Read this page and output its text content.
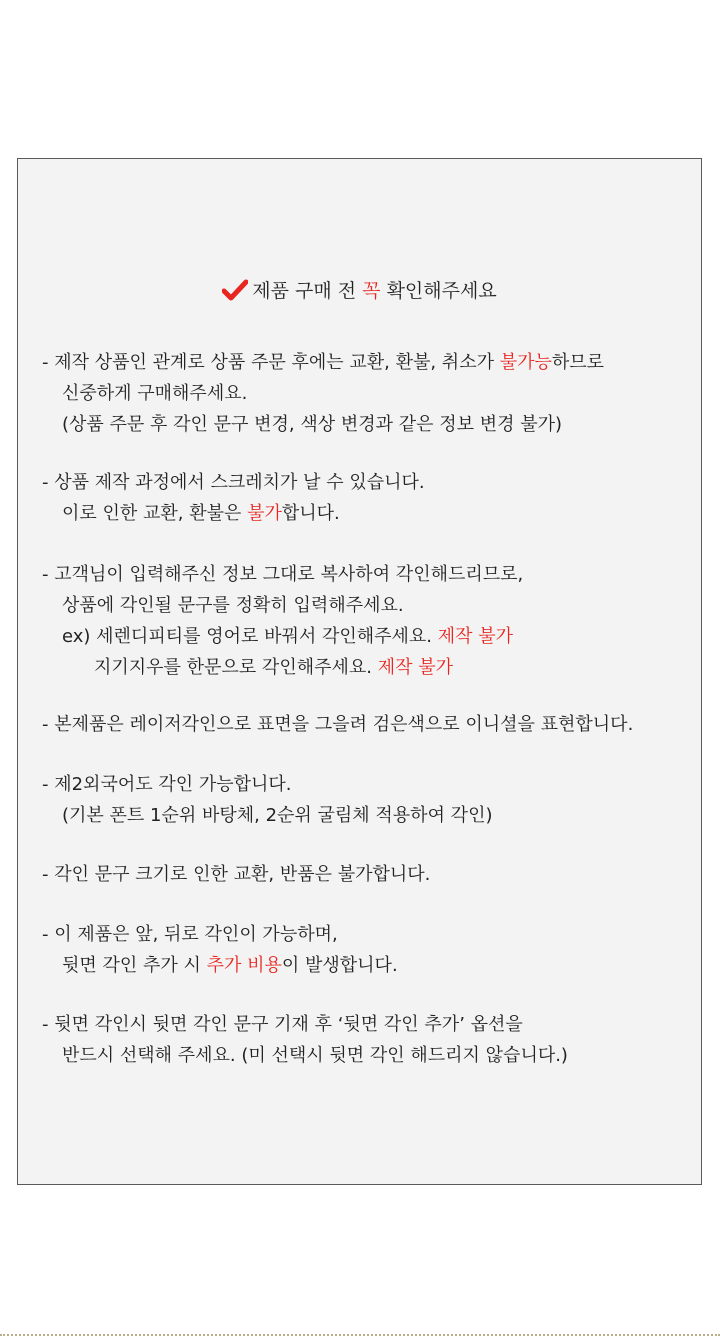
제품 구매 전 꼭 확인해주세요
- 제작 상품인 관계로 상품 주문 후에는 교환, 환불, 취소가 불가능하므로
신중하게 구매해주세요.
(상품 주문 후 각인 문구 변경, 색상 변경과 같은 정보 변경 불가)
- 상품 제작 과정에서 스크레치가 날 수 있습니다.
이로 인한 교환, 환불은 불가합니다.
- 고객님이 입력해주신 정보 그대로 복사하여 각인해드리므로,
상품에 각인될 문구를 정확히 입력해주세요.
ex) 세렌디피티를 영어로 바꿔서 각인해주세요. 제작 불가
지기지우를 한문으로 각인해주세요. 제작 불가
- 본제품은 레이저각인으로 표면을 그을려 검은색으로 이니셜을 표현합니다.
- 제2외국어도 각인 가능합니다.
(기본 폰트 1순위 바탕체, 2순위 굴림체 적용하여 각인)
- 각인 문구 크기로 인한 교환, 반품은 불가합니다.
- 이 제품은 앞, 뒤로 각인이 가능하며,
뒷면 각인 추가 시 추가 비용이 발생합니다.
- 뒷면 각인시 뒷면 각인 문구 기재 후 ‘뒷면 각인 추가’ 옵션을
반드시 선택해 주세요. (미 선택시 뒷면 각인 해드리지 않습니다.)
